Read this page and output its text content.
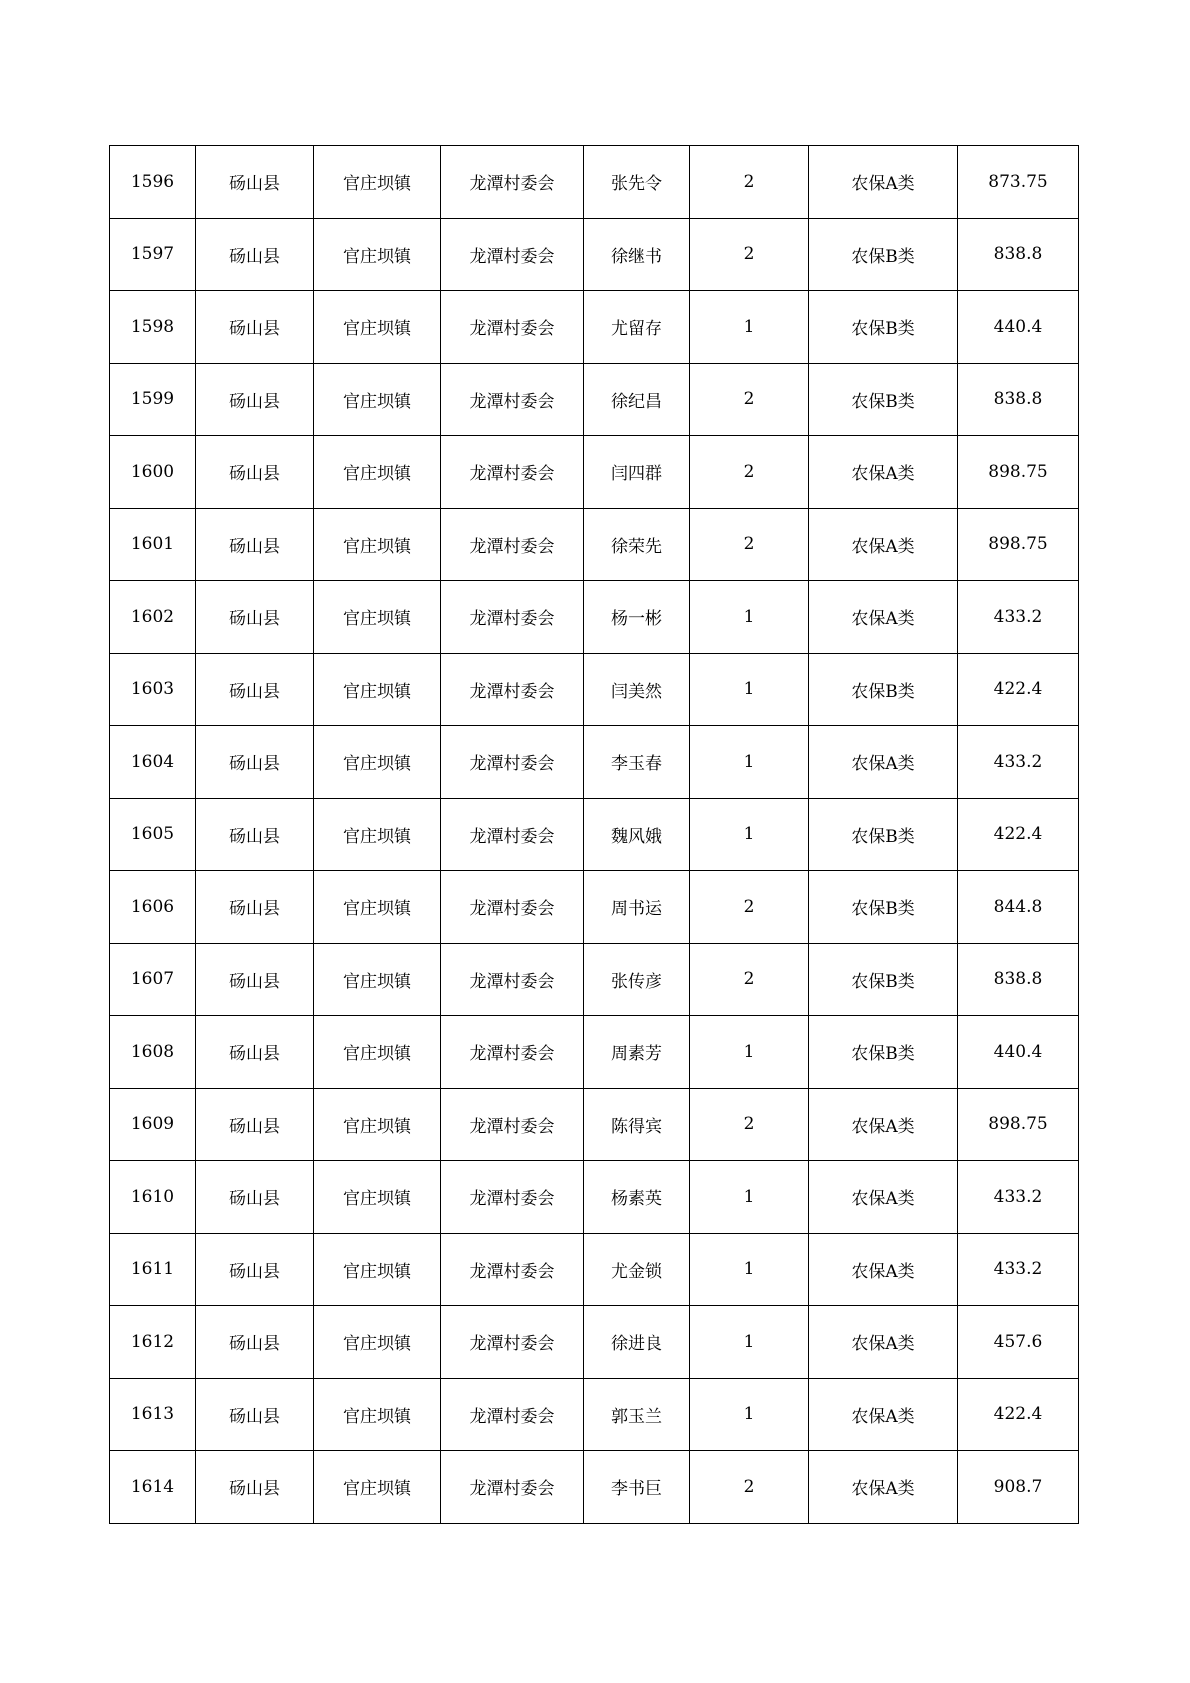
1596	砀山县	官庄坝镇	龙潭村委会	张先令	2	农保A类	873.75
1597	砀山县	官庄坝镇	龙潭村委会	徐继书	2	农保B类	838.8
1598	砀山县	官庄坝镇	龙潭村委会	尤留存	1	农保B类	440.4
1599	砀山县	官庄坝镇	龙潭村委会	徐纪昌	2	农保B类	838.8
1600	砀山县	官庄坝镇	龙潭村委会	闫四群	2	农保A类	898.75
1601	砀山县	官庄坝镇	龙潭村委会	徐荣先	2	农保A类	898.75
1602	砀山县	官庄坝镇	龙潭村委会	杨一彬	1	农保A类	433.2
1603	砀山县	官庄坝镇	龙潭村委会	闫美然	1	农保B类	422.4
1604	砀山县	官庄坝镇	龙潭村委会	李玉春	1	农保A类	433.2
1605	砀山县	官庄坝镇	龙潭村委会	魏风娥	1	农保B类	422.4
1606	砀山县	官庄坝镇	龙潭村委会	周书运	2	农保B类	844.8
1607	砀山县	官庄坝镇	龙潭村委会	张传彦	2	农保B类	838.8
1608	砀山县	官庄坝镇	龙潭村委会	周素芳	1	农保B类	440.4
1609	砀山县	官庄坝镇	龙潭村委会	陈得宾	2	农保A类	898.75
1610	砀山县	官庄坝镇	龙潭村委会	杨素英	1	农保A类	433.2
1611	砀山县	官庄坝镇	龙潭村委会	尤金锁	1	农保A类	433.2
1612	砀山县	官庄坝镇	龙潭村委会	徐进良	1	农保A类	457.6
1613	砀山县	官庄坝镇	龙潭村委会	郭玉兰	1	农保A类	422.4
1614	砀山县	官庄坝镇	龙潭村委会	李书巨	2	农保A类	908.7
